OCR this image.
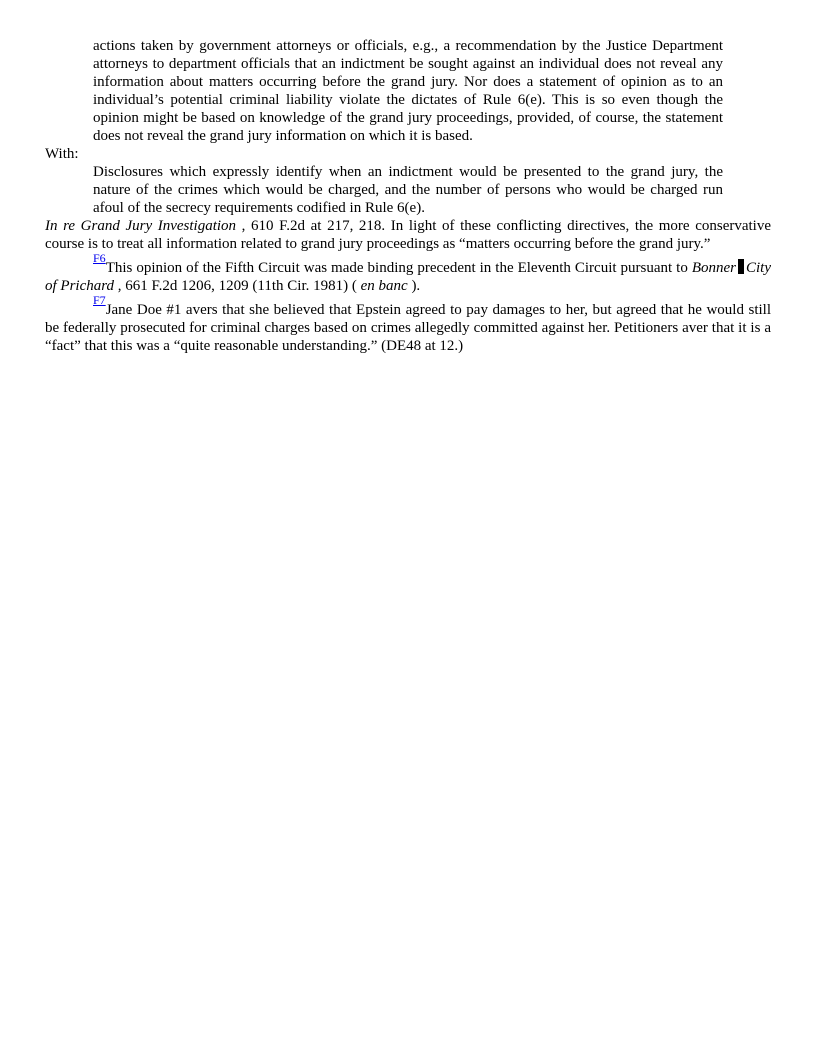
actions taken by government attorneys or officials, e.g., a recommendation by the Justice Department attorneys to department officials that an indictment be sought against an individual does not reveal any information about matters occurring before the grand jury. Nor does a statement of opinion as to an individual’s potential criminal liability violate the dictates of Rule 6(e). This is so even though the opinion might be based on knowledge of the grand jury proceedings, provided, of course, the statement does not reveal the grand jury information on which it is based.

With:

Disclosures which expressly identify when an indictment would be presented to the grand jury, the nature of the crimes which would be charged, and the number of persons who would be charged run afoul of the secrecy requirements codified in Rule 6(e).

In re Grand Jury Investigation , 610 F.2d at 217, 218. In light of these conflicting directives, the more conservative course is to treat all information related to grand jury proceedings as “matters occurring before the grand jury.”

$^{F6}$This opinion of the Fifth Circuit was made binding precedent in the Eleventh Circuit pursuant to Bonner City of Prichard , 661 F.2d 1206, 1209 (11th Cir. 1981) ( en banc ).

$^{F7}$Jane Doe #1 avers that she believed that Epstein agreed to pay damages to her, but agreed that he would still be federally prosecuted for criminal charges based on crimes allegedly committed against her. Petitioners aver that it is a “fact” that this was a “quite reasonable understanding.” (DE48 at 12.)
